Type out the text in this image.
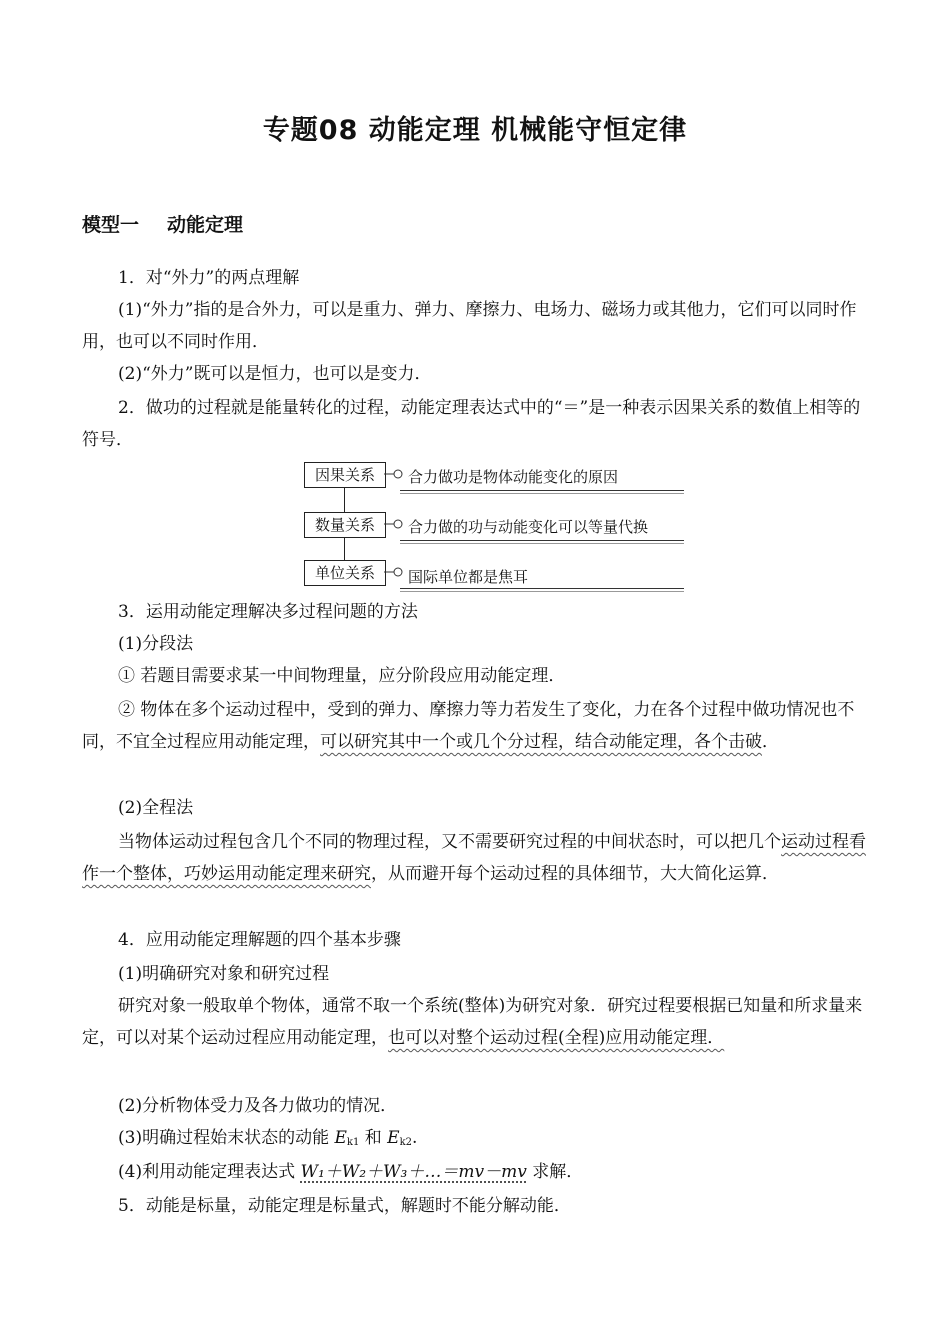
专题08 动能定理 机械能守恒定律
模型一 动能定理

1．对“外力”的两点理解

(1)“外力”指的是合外力，可以是重力、弹力、摩擦力、电场力、磁场力或其他力，它们可以同时作用，也可以不同时作用．

(2)“外力”既可以是恒力，也可以是变力．

2．做功的过程就是能量转化的过程，动能定理表达式中的“＝”是一种表示因果关系的数值上相等的符号．

因果关系	合力做功是物体动能变化的原因
数量关系	合力做的功与动能变化可以等量代换
单位关系	国际单位都是焦耳

3．运用动能定理解决多过程问题的方法

(1)分段法

① 若题目需要求某一中间物理量，应分阶段应用动能定理．

② 物体在多个运动过程中，受到的弹力、摩擦力等力若发生了变化，力在各个过程中做功情况也不同，不宜全过程应用动能定理，可以研究其中一个或几个分过程，结合动能定理，各个击破．

(2)全程法

当物体运动过程包含几个不同的物理过程，又不需要研究过程的中间状态时，可以把几个运动过程看作一个整体，巧妙运用动能定理来研究，从而避开每个运动过程的具体细节，大大简化运算．

4．应用动能定理解题的四个基本步骤

(1)明确研究对象和研究过程

研究对象一般取单个物体，通常不取一个系统(整体)为研究对象．研究过程要根据已知量和所求量来定，可以对某个运动过程应用动能定理，也可以对整个运动过程(全程)应用动能定理．

(2)分析物体受力及各力做功的情况．

(3)明确过程始末状态的动能 $E_{k1}$ 和 $E_{k2}$.

(4)利用动能定理表达式 W₁＋W₂＋W₃＋…＝mv－mv 求解．

5．动能是标量，动能定理是标量式，解题时不能分解动能．
